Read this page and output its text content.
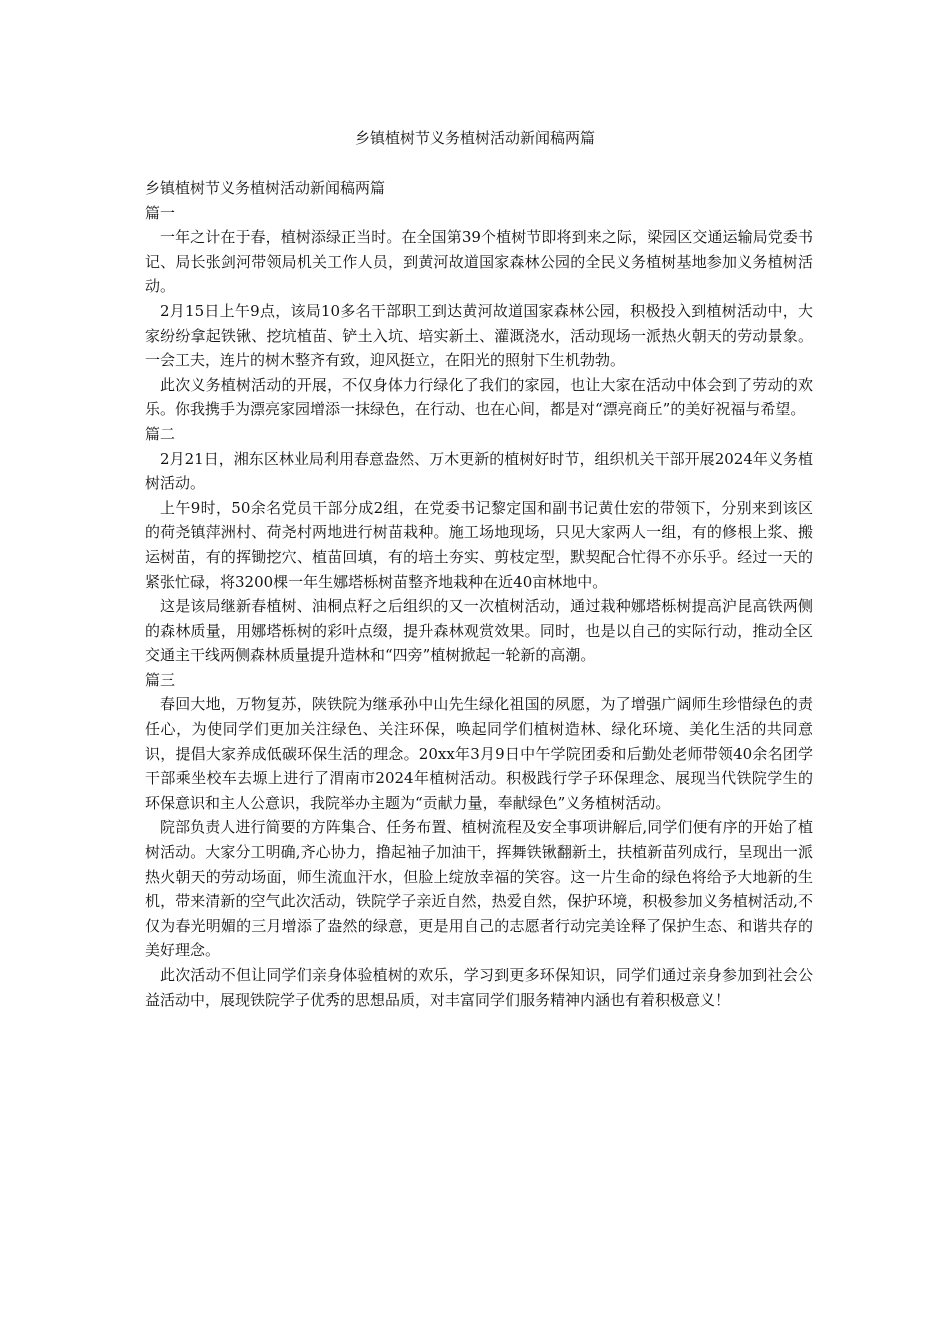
乡镇植树节义务植树活动新闻稿两篇

乡镇植树节义务植树活动新闻稿两篇

篇一

一年之计在于春，植树添绿正当时。在全国第39个植树节即将到来之际，梁园区交通运输局党委书记、局长张剑河带领局机关工作人员，到黄河故道国家森林公园的全民义务植树基地参加义务植树活动。

2月15日上午9点，该局10多名干部职工到达黄河故道国家森林公园，积极投入到植树活动中，大家纷纷拿起铁锹、挖坑植苗、铲土入坑、培实新土、灌溉浇水，活动现场一派热火朝天的劳动景象。一会工夫，连片的树木整齐有致，迎风挺立，在阳光的照射下生机勃勃。

此次义务植树活动的开展，不仅身体力行绿化了我们的家园，也让大家在活动中体会到了劳动的欢乐。你我携手为漂亮家园增添一抹绿色，在行动、也在心间，都是对“漂亮商丘”的美好祝福与希望。

篇二

2月21日，湘东区林业局利用春意盎然、万木更新的植树好时节，组织机关干部开展2024年义务植树活动。

上午9时，50余名党员干部分成2组，在党委书记黎定国和副书记黄仕宏的带领下，分别来到该区的荷尧镇萍洲村、荷尧村两地进行树苗栽种。施工场地现场，只见大家两人一组，有的修根上浆、搬运树苗，有的挥锄挖穴、植苗回填，有的培土夯实、剪枝定型，默契配合忙得不亦乐乎。经过一天的紧张忙碌，将3200棵一年生娜塔栎树苗整齐地栽种在近40亩林地中。

这是该局继新春植树、油桐点籽之后组织的又一次植树活动，通过栽种娜塔栎树提高沪昆高铁两侧的森林质量，用娜塔栎树的彩叶点缀，提升森林观赏效果。同时，也是以自己的实际行动，推动全区交通主干线两侧森林质量提升造林和“四旁”植树掀起一轮新的高潮。

篇三

春回大地，万物复苏，陕铁院为继承孙中山先生绿化祖国的夙愿，为了增强广阔师生珍惜绿色的责任心，为使同学们更加关注绿色、关注环保，唤起同学们植树造林、绿化环境、美化生活的共同意识，提倡大家养成低碳环保生活的理念。20xx年3月9日中午学院团委和后勤处老师带领40余名团学干部乘坐校车去塬上进行了渭南市2024年植树活动。积极践行学子环保理念、展现当代铁院学生的环保意识和主人公意识，我院举办主题为“贡献力量，奉献绿色”义务植树活动。

院部负责人进行简要的方阵集合、任务布置、植树流程及安全事项讲解后,同学们便有序的开始了植树活动。大家分工明确,齐心协力，撸起袖子加油干，挥舞铁锹翻新土，扶植新苗列成行，呈现出一派热火朝天的劳动场面，师生流血汗水，但脸上绽放幸福的笑容。这一片生命的绿色将给予大地新的生机，带来清新的空气此次活动，铁院学子亲近自然，热爱自然，保护环境，积极参加义务植树活动,不仅为春光明媚的三月增添了盎然的绿意，更是用自己的志愿者行动完美诠释了保护生态、和谐共存的美好理念。

此次活动不但让同学们亲身体验植树的欢乐，学习到更多环保知识，同学们通过亲身参加到社会公益活动中，展现铁院学子优秀的思想品质，对丰富同学们服务精神内涵也有着积极意义！
